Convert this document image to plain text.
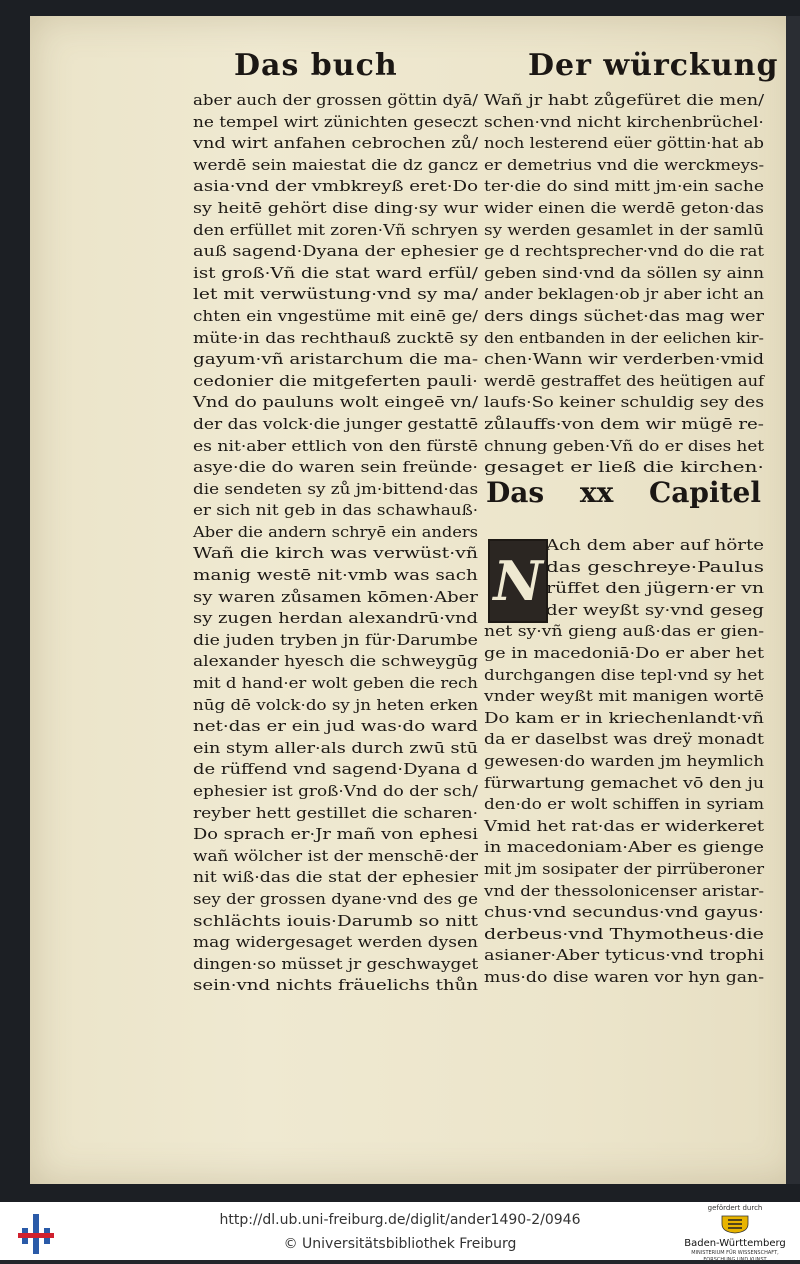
Das buch	Der würckung
aber auch der grossen göttin dyā/
ne tempel wirt zünichten geseczt
vnd wirt anfahen cebrochen zů/
werdē sein maiestat die dz gancz
asia·vnd der vmbkreyß eret·Do
sy heitē gehört dise ding·sy wur
den erfüllet mit zoren·Vñ schryen
auß sagend·Dyana der ephesier
ist groß·Vñ die stat ward erfül/
let mit verwüstung·vnd sy ma/
chten ein vngestüme mit einē ge/
müte·in das rechthauß zucktē sy
gayum·vñ aristarchum die ma-
cedonier die mitgeferten pauli·
Vnd do pauluns wolt eingeē vn/
der das volck·die junger gestattē
es nit·aber ettlich von den fürstē
asye·die do waren sein freünde·
die sendeten sy zů jm·bittend·das
er sich nit geb in das schawhauß·
Aber die andern schryē ein anders
Wañ die kirch was verwüst·vñ
manig westē nit·vmb was sach
sy waren zůsamen kōmen·Aber
sy zugen herdan alexandrū·vnd
die juden tryben jn für·Darumbe
alexander hyesch die schweygūg
mit d hand·er wolt geben die rech
nūg dē volck·do sy jn heten erken
net·das er ein jud was·do ward
ein stym aller·als durch zwū stū
de rüffend vnd sagend·Dyana d
ephesier ist groß·Vnd do der sch/
reyber hett gestillet die scharen·
Do sprach er·Jr mañ von ephesi
wañ wölcher ist der menschē·der
nit wiß·das die stat der ephesier
sey der grossen dyane·vnd des ge
schlächts iouis·Darumb so nitt
mag widergesaget werden dysen
dingen·so müsset jr geschwayget
sein·vnd nichts fräuelichs thůn
Wañ jr habt zůgefüret die men/
schen·vnd nicht kirchenbrüchel·
noch lesterend eüer göttin·hat ab
er demetrius vnd die werckmeys-
ter·die do sind mitt jm·ein sache
wider einen die werdē geton·das
sy werden gesamlet in der samlū
ge d rechtsprecher·vnd do die rat
geben sind·vnd da söllen sy ainn
ander beklagen·ob jr aber icht an
ders dings süchet·das mag wer
den entbanden in der eelichen kir-
chen·Wann wir verderben·vmid
werdē gestraffet des heütigen auf
laufs·So keiner schuldig sey des
zůlauffs·von dem wir mügē re-
chnung geben·Vñ do er dises het
gesaget er ließ die kirchen·
Das xx Capitel
N
Ach dem aber auf hörte
das geschreye·Paulus
rüffet den jügern·er vn
der weyßt sy·vnd geseg
net sy·vñ gieng auß·das er gien-
ge in macedoniā·Do er aber het
durchgangen dise tepl·vnd sy het
vnder weyßt mit manigen wortē
Do kam er in kriechenlandt·vñ
da er daselbst was dreÿ monadt
gewesen·do warden jm heymlich
fürwartung gemachet vō den ju
den·do er wolt schiffen in syriam
Vmid het rat·das er widerkeret
in macedoniam·Aber es gienge
mit jm sosipater der pirrüberoner
vnd der thessolonicenser aristar-
chus·vnd secundus·vnd gayus·
derbeus·vnd Thymotheus·die
asianer·Aber tyticus·vnd trophi
mus·do dise waren vor hyn gan-
http://dl.ub.uni-freiburg.de/diglit/ander1490-2/0946
© Universitätsbibliothek Freiburg
gefördert durch
Baden-Württemberg
MINISTERIUM FÜR WISSENSCHAFT, FORSCHUNG UND KUNST
